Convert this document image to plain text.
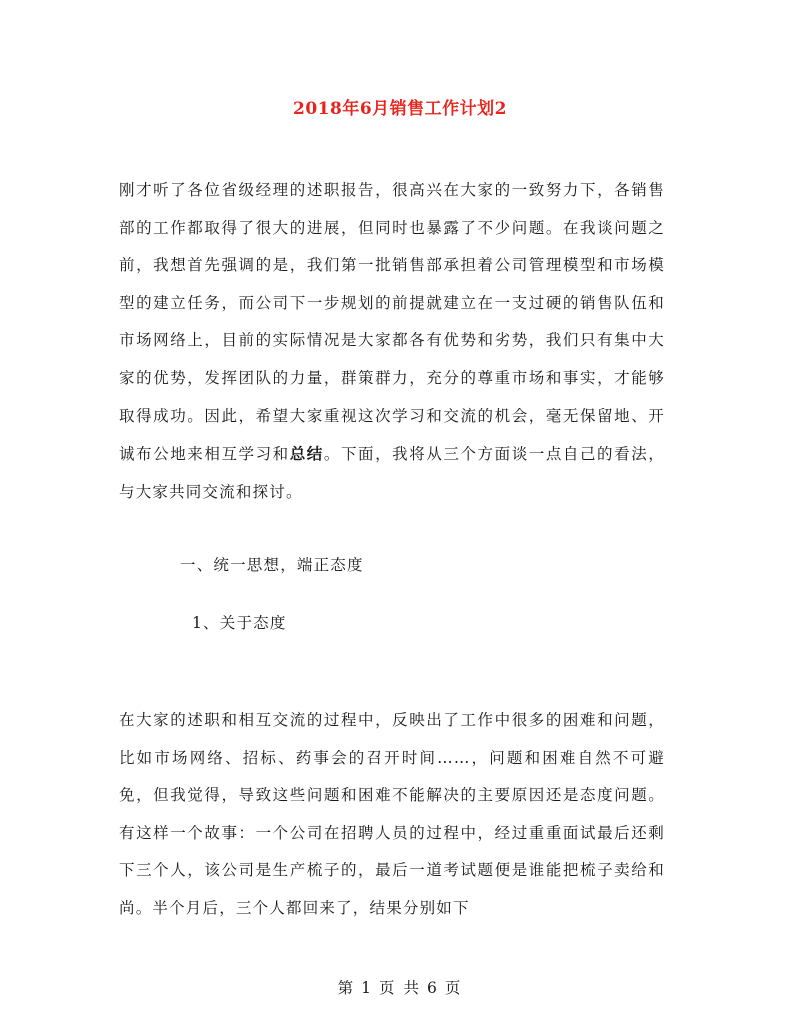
2018年6月销售工作计划2
刚才听了各位省级经理的述职报告，很高兴在大家的一致努力下，各销售部的工作都取得了很大的进展，但同时也暴露了不少问题。在我谈问题之前，我想首先强调的是，我们第一批销售部承担着公司管理模型和市场模型的建立任务，而公司下一步规划的前提就建立在一支过硬的销售队伍和市场网络上，目前的实际情况是大家都各有优势和劣势，我们只有集中大家的优势，发挥团队的力量，群策群力，充分的尊重市场和事实，才能够取得成功。因此，希望大家重视这次学习和交流的机会，毫无保留地、开诚布公地来相互学习和总结。下面，我将从三个方面谈一点自己的看法，与大家共同交流和探讨。
一、统一思想，端正态度
1、关于态度
在大家的述职和相互交流的过程中，反映出了工作中很多的困难和问题，比如市场网络、招标、药事会的召开时间……，问题和困难自然不可避免，但我觉得，导致这些问题和困难不能解决的主要原因还是态度问题。有这样一个故事：一个公司在招聘人员的过程中，经过重重面试最后还剩下三个人，该公司是生产梳子的，最后一道考试题便是谁能把梳子卖给和尚。半个月后，三个人都回来了，结果分别如下
第 1 页 共 6 页
